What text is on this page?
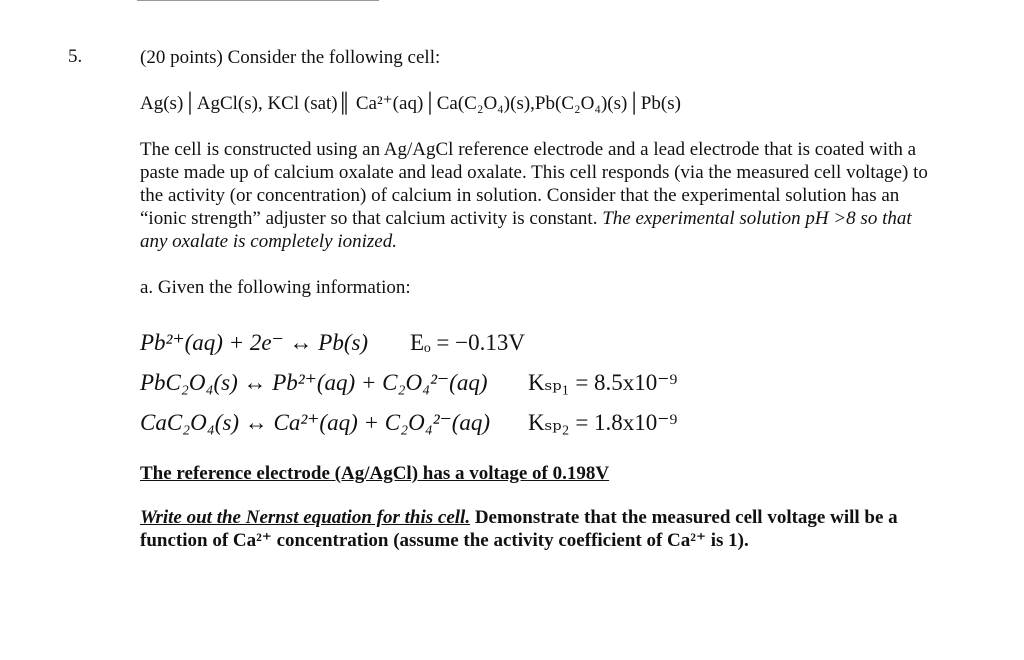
5.	(20 points) Consider the following cell:

Ag(s)│AgCl(s), KCl (sat)║ Ca²⁺(aq)│Ca(C₂O₄)(s),Pb(C₂O₄)(s)│Pb(s)

The cell is constructed using an Ag/AgCl reference electrode and a lead electrode that is coated with a paste made up of calcium oxalate and lead oxalate. This cell responds (via the measured cell voltage) to the activity (or concentration) of calcium in solution. Consider that the experimental solution has an “ionic strength” adjuster so that calcium activity is constant. The experimental solution pH >8 so that any oxalate is completely ionized.

a. Given the following information:

Pb²⁺(aq) + 2e⁻ ↔ Pb(s)	Eₒ = −0.13V
PbC₂O₄(s) ↔ Pb²⁺(aq) + C₂O₄²⁻(aq)	Kₛₚ₁ = 8.5x10⁻⁹
CaC₂O₄(s) ↔ Ca²⁺(aq) + C₂O₄²⁻(aq)	Kₛₚ₂ = 1.8x10⁻⁹

The reference electrode (Ag/AgCl) has a voltage of 0.198V

Write out the Nernst equation for this cell. Demonstrate that the measured cell voltage will be a function of Ca²⁺ concentration (assume the activity coefficient of Ca²⁺ is 1).
